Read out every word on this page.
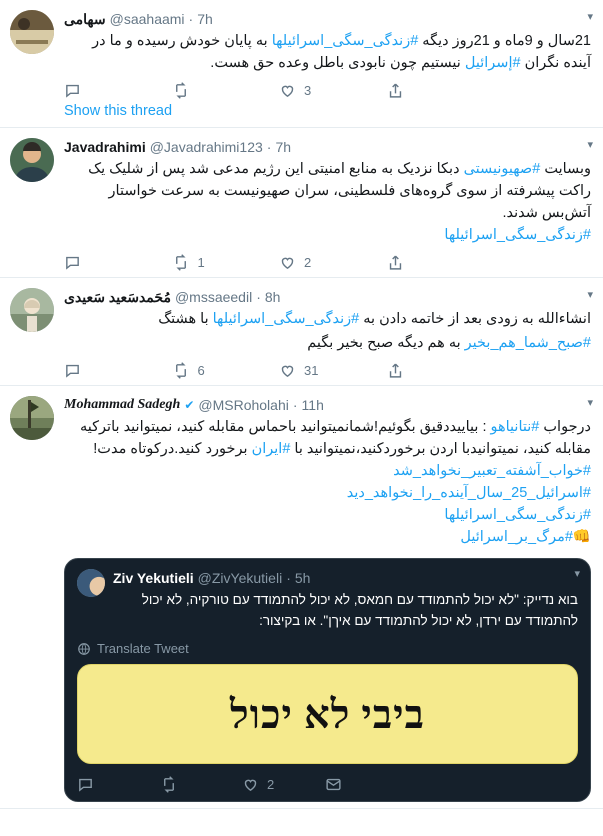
سهامی @saahaami · 7h
21سال و 9ماه و 21روز دیگه #زندگی_سگی_اسرائیلها به پایان خودش رسیده و ما در آینده نگران #إسرائیل نیستیم چون نابودی باطل وعده حق هست.
3
Show this thread
▾
Javadrahimi @Javadrahimi123 · 7h
وبسایت #صهیونیستی دبکا نزدیک به منابع امنیتی این رژیم مدعی شد پس از شلیک یک راکت پیشرفته از سوی گروه‌های فلسطینی، سران صهیونیست به سرعت خواستار آتش‌بس شدند.
#زندگی_سگی_اسرائیلها
1	2
▾
مُحَمدسَعید سَعیدی @mssaeedil · 8h
انشاءالله به زودی بعد از خاتمه دادن به #زندگی_سگی_اسرائیلها با هشتگ
#صبح_شما_هم_بخیر به هم دیگه صبح بخیر بگیم
6	31
▾
Mohammad Sadegh ✔ @MSRoholahi · 11h
درجواب #نتانیاهو : بیاییددقیق بگوئیم!شمانمیتوانید باحماس مقابله کنید، نمیتوانید باترکیه مقابله کنید، نمیتوانیدبا اردن برخوردکنید،نمیتوانید با #ایران برخورد کنید.درکوتاه مدت!
#خواب_آشفته_تعبیر_نخواهد_شد
#اسرائیل_25_سال_آینده_را_نخواهد_دید
#زندگی_سگی_اسرائیلها
👊#مرگ_بر_اسرائیل
Ziv Yekutieli @ZivYekutieli · 5h
בוא נדייק: "לא יכול להתמודד עם חמאס, לא יכול להתמודד עם טורקיה, לא יכול להתמודד עם ירדן, לא יכול להתמודד עם איךן". או בקיצור:
Translate Tweet
ביבי לא יכול
2
▾
▾
